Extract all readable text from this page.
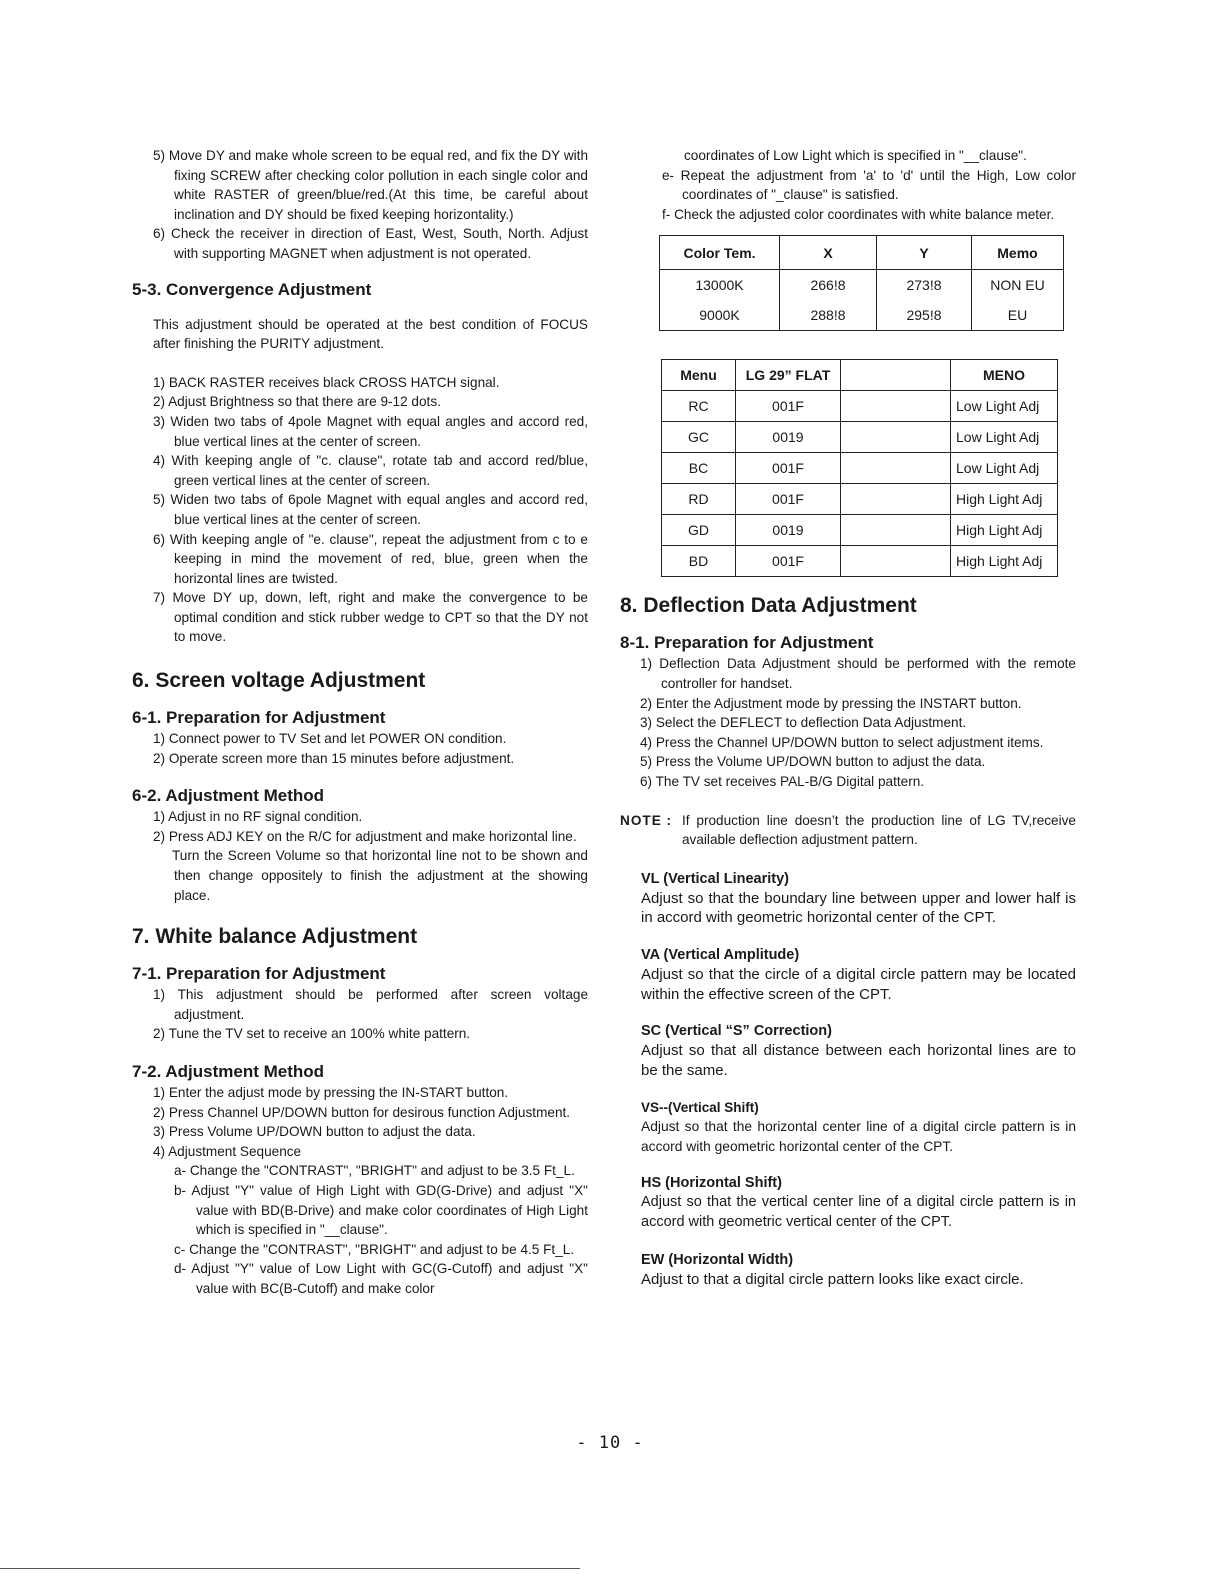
5) Move DY and make whole screen to be equal red, and fix the DY with fixing SCREW after checking color pollution in each single color and white RASTER of green/blue/red.(At this time, be careful about inclination and DY should be fixed keeping horizontality.)

6) Check the receiver in direction of East, West, South, North. Adjust with supporting MAGNET when adjustment is not operated.

5-3. Convergence Adjustment

This adjustment should be operated at the best condition of FOCUS after finishing the PURITY adjustment.

1) BACK RASTER receives black CROSS HATCH signal.

2) Adjust Brightness so that there are 9-12 dots.

3) Widen two tabs of 4pole Magnet with equal angles and accord red, blue vertical lines at the center of screen.

4) With keeping angle of "c. clause", rotate tab and accord red/blue, green vertical lines at the center of screen.

5) Widen two tabs of 6pole Magnet with equal angles and accord red, blue vertical lines at the center of screen.

6) With keeping angle of "e. clause", repeat the adjustment from c to e keeping in mind the movement of red, blue, green when the horizontal lines are twisted.

7) Move DY up, down, left, right and make the convergence to be optimal condition and stick rubber wedge to CPT so that the DY not to move.

6. Screen voltage Adjustment
6-1. Preparation for Adjustment

1) Connect power to TV Set and let POWER ON condition.

2) Operate screen more than 15 minutes before adjustment.

6-2. Adjustment Method

1) Adjust in no RF signal condition.

2) Press ADJ KEY on the R/C for adjustment and make horizontal line.

Turn the Screen Volume so that horizontal line not to be shown and then change oppositely to finish the adjustment at the showing place.

7. White balance Adjustment
7-1. Preparation for Adjustment

1) This adjustment should be performed after screen voltage adjustment.

2) Tune the TV set to receive an 100% white pattern.

7-2. Adjustment Method

1) Enter the adjust mode by pressing the IN-START button.

2) Press Channel UP/DOWN button for desirous function Adjustment.

3) Press Volume UP/DOWN button to adjust the data.

4) Adjustment Sequence

a- Change the "CONTRAST", "BRIGHT" and adjust to be 3.5 Ft_L.

b- Adjust "Y" value of High Light with GD(G-Drive) and adjust "X" value with BD(B-Drive) and make color coordinates of High Light which is specified in "__clause".

c- Change the "CONTRAST", "BRIGHT" and adjust to be 4.5 Ft_L.

d- Adjust "Y" value of Low Light with GC(G-Cutoff) and adjust "X" value with BC(B-Cutoff) and make color

coordinates of Low Light which is specified in "__clause".

e- Repeat the adjustment from 'a' to 'd' until the High, Low color coordinates of "_clause" is satisfied.

f- Check the adjusted color coordinates with white balance meter.

Color Tem.	X	Y	Memo
13000K	266!8	273!8	NON EU
9000K	288!8	295!8	EU
Menu	LG 29” FLAT		MENO
RC	001F		Low Light Adj
GC	0019		Low Light Adj
BC	001F		Low Light Adj
RD	001F		High Light Adj
GD	0019		High Light Adj
BD	001F		High Light Adj
8. Deflection Data Adjustment
8-1. Preparation for Adjustment

1) Deflection Data Adjustment should be performed with the remote controller for handset.

2) Enter the Adjustment mode by pressing the INSTART button.

3) Select the DEFLECT to deflection Data Adjustment.

4) Press the Channel UP/DOWN button to select adjustment items.

5) Press the Volume UP/DOWN button to adjust the data.

6) The TV set receives PAL-B/G Digital pattern.

NOTE : If production line doesn’t the production line of LG TV,receive available deflection adjustment pattern.

VL (Vertical Linearity)

Adjust so that the boundary line between upper and lower half is in accord with geometric horizontal center of the CPT.

VA (Vertical Amplitude)

Adjust so that the circle of a digital circle pattern may be located within the effective screen of the CPT.

SC (Vertical “S” Correction)

Adjust so that all distance between each horizontal lines are to be the same.

VS--(Vertical Shift)

Adjust so that the horizontal center line of a digital circle pattern is in accord with geometric horizontal center of the CPT.

HS (Horizontal Shift)

Adjust so that the vertical center line of a digital circle pattern is in accord with geometric vertical center of the CPT.

EW (Horizontal Width)

Adjust to that a digital circle pattern looks like exact circle.

- 10 -
